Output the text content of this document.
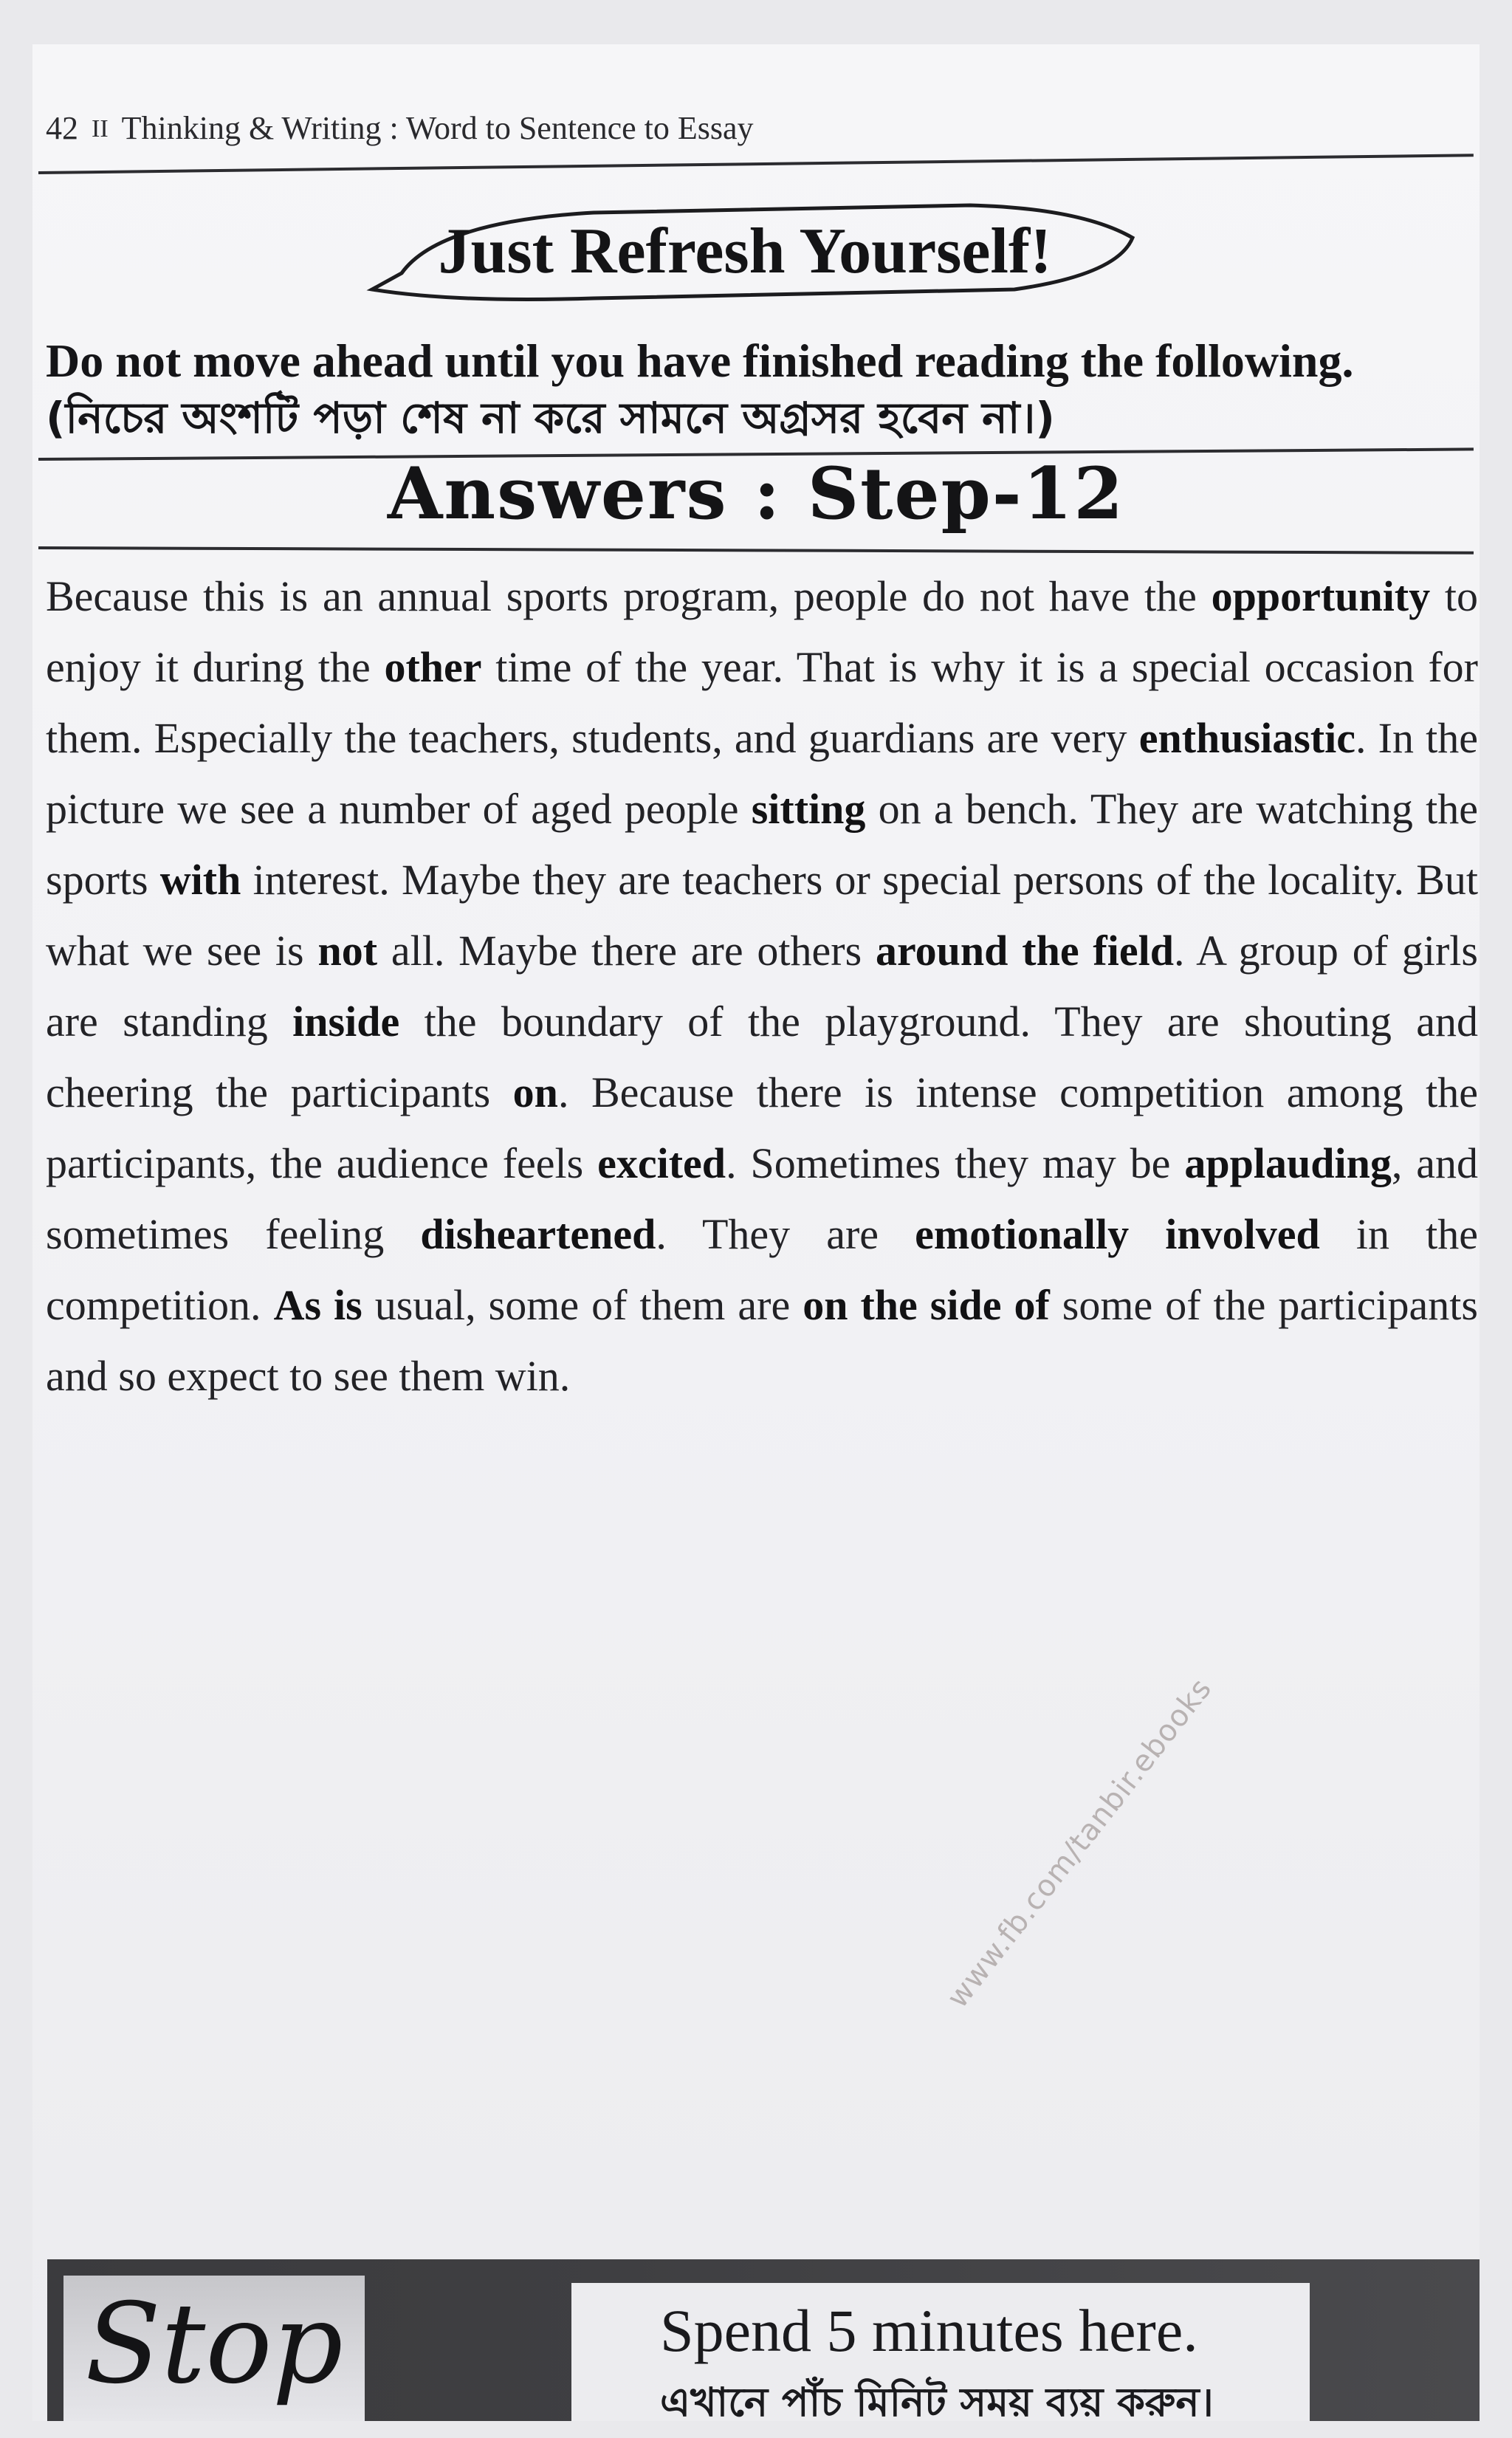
42 II Thinking & Writing : Word to Sentence to Essay
Just Refresh Yourself!
Do not move ahead until you have finished reading the following.
(নিচের অংশটি পড়া শেষ না করে সামনে অগ্রসর হবেন না।)
Answers : Step-12

Because this is an annual sports program, people do not have the opportunity to enjoy it during the other time of the year. That is why it is a special occasion for them. Especially the teachers, students, and guardians are very enthusiastic. In the picture we see a number of aged people sitting on a bench. They are watching the sports with interest. Maybe they are teachers or special persons of the locality. But what we see is not all. Maybe there are others around the field. A group of girls are standing inside the boundary of the playground. They are shouting and cheering the participants on. Because there is intense competition among the participants, the audience feels excited. Sometimes they may be applauding, and sometimes feeling disheartened. They are emotionally involved in the competition. As is usual, some of them are on the side of some of the participants and so expect to see them win.

www.fb.com/tanbir.ebooks
Stop	Spend 5 minutes here.
এখানে পাঁচ মিনিট সময় ব্যয় করুন।
